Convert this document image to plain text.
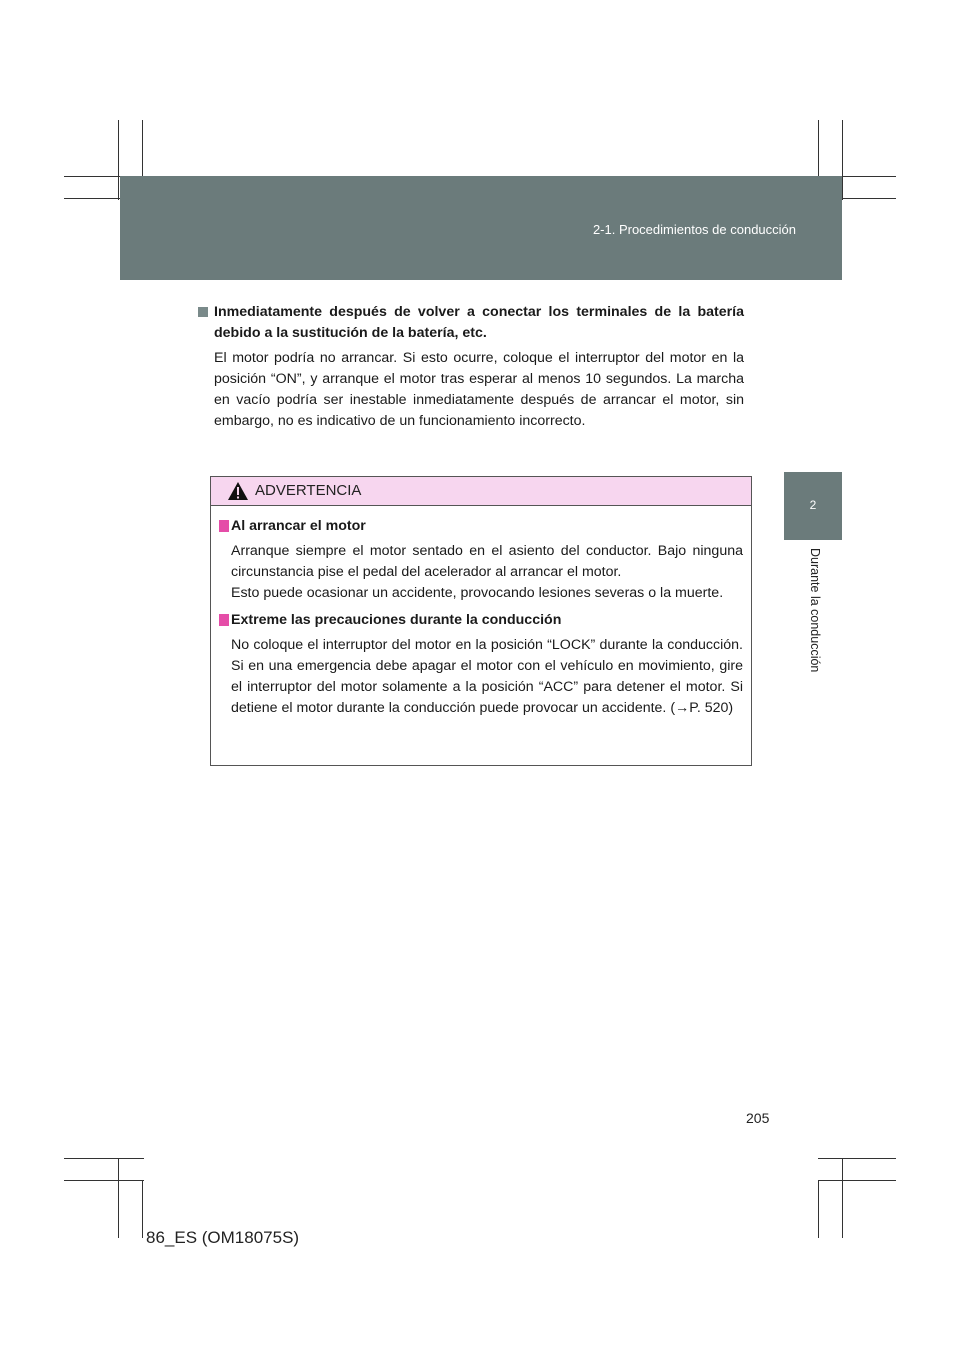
2-1. Procedimientos de conducción
2
Durante la conducción
Inmediatamente después de volver a conectar los terminales de la batería debido a la sustitución de la batería, etc.
El motor podría no arrancar. Si esto ocurre, coloque el interruptor del motor en la posición “ON”, y arranque el motor tras esperar al menos 10 segundos. La marcha en vacío podría ser inestable inmediatamente después de arrancar el motor, sin embargo, no es indicativo de un funcionamiento incorrecto.
ADVERTENCIA
Al arrancar el motor
Arranque siempre el motor sentado en el asiento del conductor. Bajo ninguna circunstancia pise el pedal del acelerador al arrancar el motor.
Esto puede ocasionar un accidente, provocando lesiones severas o la muerte.
Extreme las precauciones durante la conducción
No coloque el interruptor del motor en la posición “LOCK” durante la conducción. Si en una emergencia debe apagar el motor con el vehículo en movimiento, gire el interruptor del motor solamente a la posición “ACC” para detener el motor. Si detiene el motor durante la conducción puede provocar un accidente. (→P. 520)
205
86_ES (OM18075S)
